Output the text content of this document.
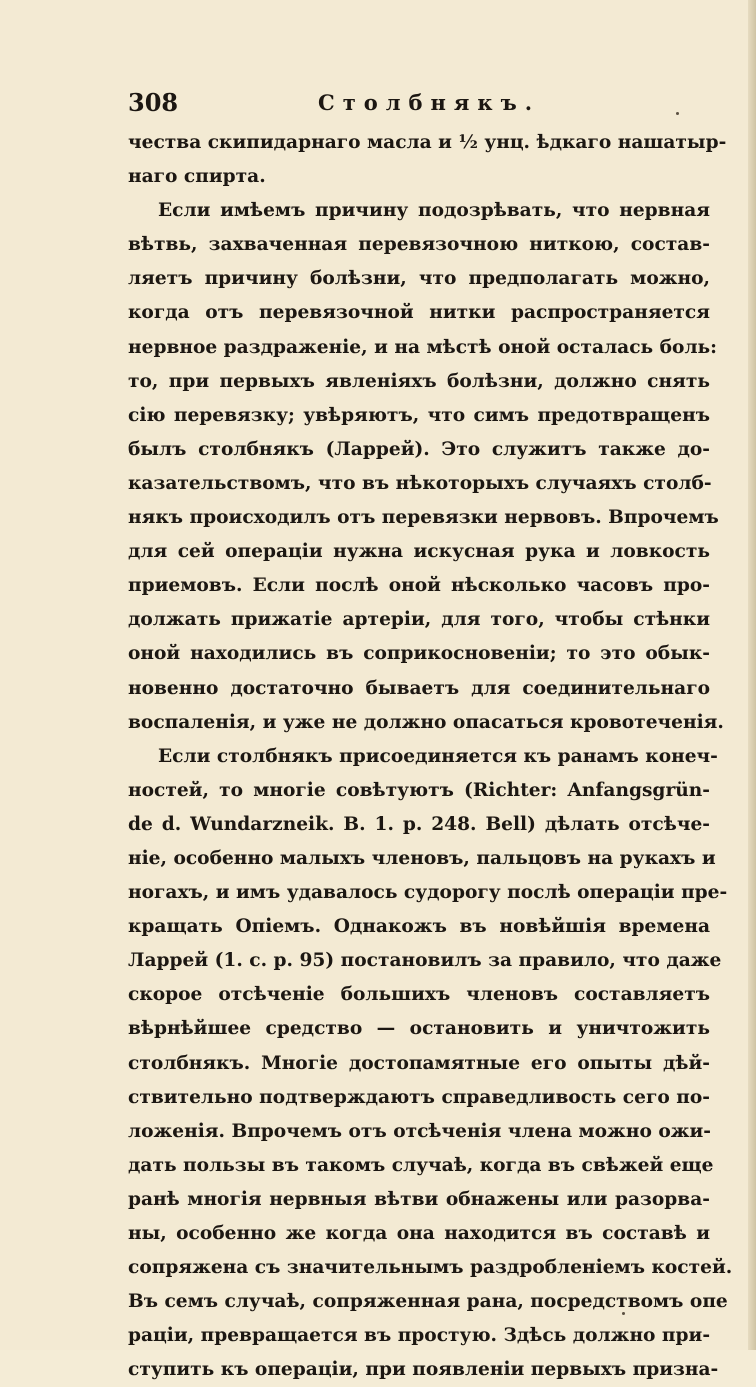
308	Столбнякъ.
чества скипидарнаго масла и ½ унц. ѣдкаго нашатыр-
наго спирта.
Если имѣемъ причину подозрѣвать, что нервная
вѣтвь, захваченная перевязочною ниткою, состав-
ляетъ причину болѣзни, что предполагать можно,
когда отъ перевязочной нитки распространяется
нервное раздраженіе, и на мѣстѣ оной осталась боль:
то, при первыхъ явленіяхъ болѣзни, должно снять
сію перевязку; увѣряютъ, что симъ предотвращенъ
былъ столбнякъ (Ларрей). Это служитъ также до-
казательствомъ, что въ нѣкоторыхъ случаяхъ столб-
някъ происходилъ отъ перевязки нервовъ. Впрочемъ
для сей операціи нужна искусная рука и ловкость
приемовъ. Если послѣ оной нѣсколько часовъ про-
должать прижатіе артеріи, для того, чтобы стѣнки
оной находились въ соприкосновеніи; то это обык-
новенно достаточно бываетъ для соединительнаго
воспаленія, и уже не должно опасаться кровотеченія.
Если столбнякъ присоединяется къ ранамъ конеч-
ностей, то многіе совѣтуютъ (Richter: Anfangsgrün-
de d. Wundarzneik. B. 1. p. 248. Bell) дѣлать отсѣче-
ніе, особенно малыхъ членовъ, пальцовъ на рукахъ и
ногахъ, и имъ удавалось судорогу послѣ операціи пре-
кращать Опіемъ. Однакожъ въ новѣйшія времена
Ларрей (1. с. р. 95) постановилъ за правило, что даже
скорое отсѣченіе большихъ членовъ составляетъ
вѣрнѣйшее средство — остановить и уничтожить
столбнякъ. Многіе достопамятные его опыты дѣй-
ствительно подтверждаютъ справедливость сего по-
ложенія. Впрочемъ отъ отсѣченія члена можно ожи-
дать пользы въ такомъ случаѣ, когда въ свѣжей еще
ранѣ многія нервныя вѣтви обнажены или разорва-
ны, особенно же когда она находится въ составѣ и
сопряжена съ значительнымъ раздробленіемъ костей.
Въ семъ случаѣ, сопряженная рана, посредствомъ опе
раціи, превращается въ простую. Здѣсь должно при-
ступить къ операціи, при появленіи первыхъ призна-
